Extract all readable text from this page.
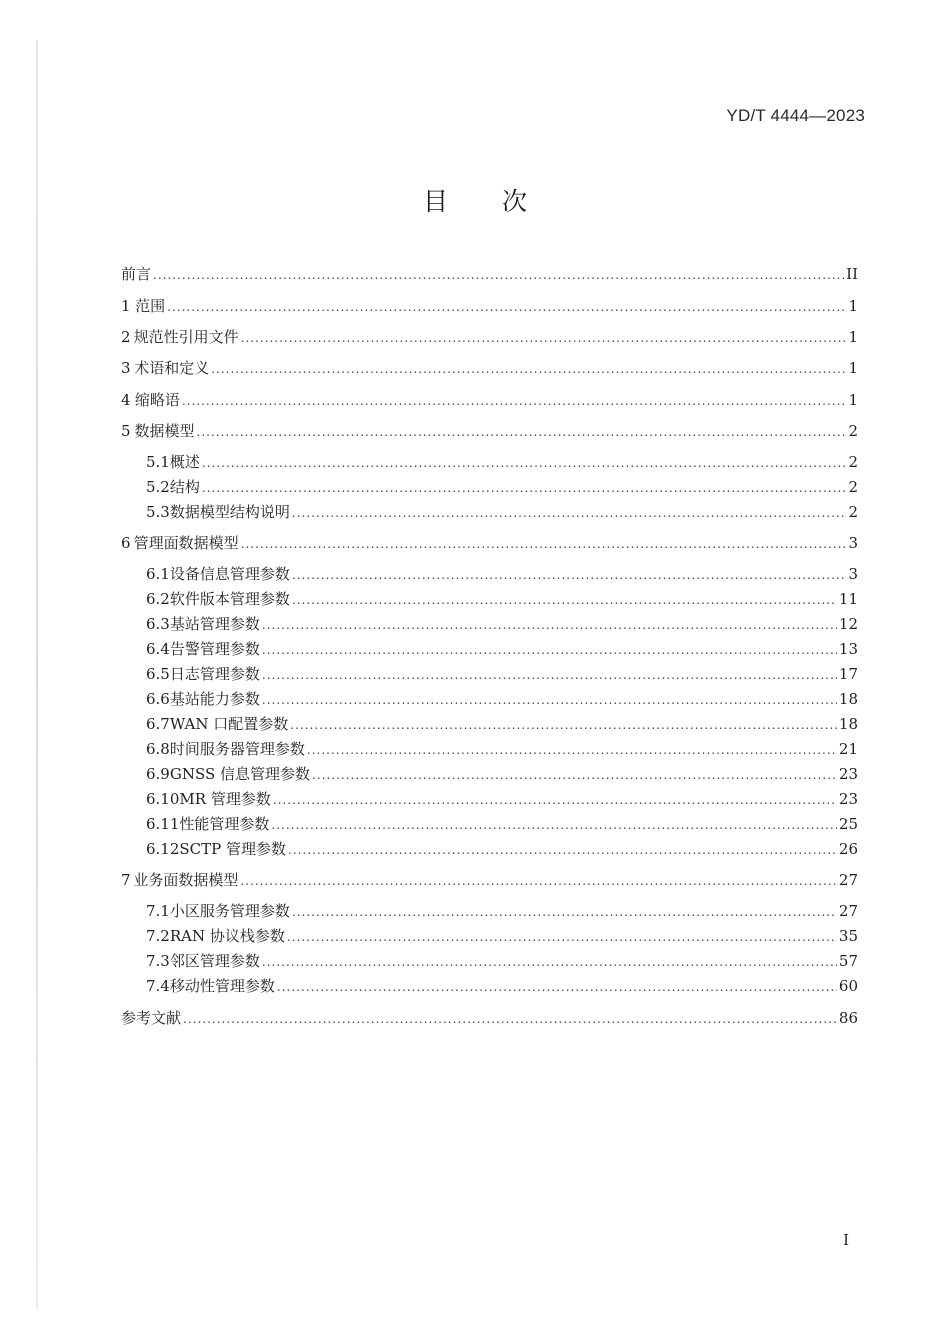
YD/T 4444—2023
目 次
前言 .....	II
1 范围 .....	1
2 规范性引用文件 .....	1
3 术语和定义 .....	1
4 缩略语 .....	1
5 数据模型 .....	2
5.1 概述 .....	2
5.2 结构 .....	2
5.3 数据模型结构说明 .....	2
6 管理面数据模型 .....	3
6.1 设备信息管理参数 .....	3
6.2 软件版本管理参数 .....	11
6.3 基站管理参数 .....	12
6.4 告警管理参数 .....	13
6.5 日志管理参数 .....	17
6.6 基站能力参数 .....	18
6.7 WAN 口配置参数 .....	18
6.8 时间服务器管理参数 .....	21
6.9 GNSS 信息管理参数 .....	23
6.10 MR 管理参数 .....	23
6.11 性能管理参数 .....	25
6.12 SCTP 管理参数 .....	26
7 业务面数据模型 .....	27
7.1 小区服务管理参数 .....	27
7.2 RAN 协议栈参数 .....	35
7.3 邻区管理参数 .....	57
7.4 移动性管理参数 .....	60
参考文献 .....	86
I
